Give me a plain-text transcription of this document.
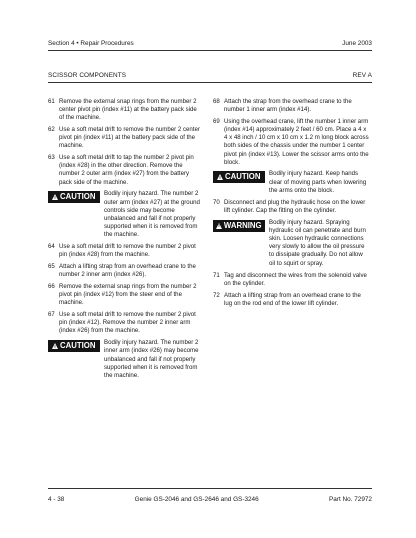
Section 4 • Repair Procedures	June 2003
SCISSOR COMPONENTS	REV A
61 Remove the external snap rings from the number 2 center pivot pin (index #11) at the battery pack side of the machine.
62 Use a soft metal drift to remove the number 2 center pivot pin (index #11) at the battery pack side of the machine.
63 Use a soft metal drift to tap the number 2 pivot pin (index #28) in the other direction. Remove the number 2 outer arm (index #27) from the battery pack side of the machine.
!
CAUTION Bodily injury hazard. The number 2 outer arm (index #27) at the ground controls side may become unbalanced and fall if not properly supported when it is removed from the machine.
64 Use a soft metal drift to remove the number 2 pivot pin (index #28) from the machine.
65 Attach a lifting strap from an overhead crane to the number 2 inner arm (index #26).
66 Remove the external snap rings from the number 2 pivot pin (index #12) from the steer end of the machine.
67 Use a soft metal drift to remove the number 2 pivot pin (index #12). Remove the number 2 inner arm (index #26) from the machine.
!
CAUTION Bodily injury hazard. The number 2 inner arm (index #26) may become unbalanced and fall if not properly supported when it is removed from the machine.
68 Attach the strap from the overhead crane to the number 1 inner arm (index #14).
69 Using the overhead crane, lift the number 1 inner arm (index #14) approximately 2 feet / 60 cm. Place a 4 x 4 x 48 inch / 10 cm x 10 cm x 1.2 m long block across both sides of the chassis under the number 1 center pivot pin (index #13). Lower the scissor arms onto the block.
!
CAUTION Bodily injury hazard. Keep hands clear of moving parts when lowering the arms onto the block.
70 Disconnect and plug the hydraulic hose on the lower lift cylinder. Cap the fitting on the cylinder.
!
WARNING Bodily injury hazard. Spraying hydraulic oil can penetrate and burn skin. Loosen hydraulic connections very slowly to allow the oil pressure to dissipate gradually. Do not allow oil to squirt or spray.
71 Tag and disconnect the wires from the solenoid valve on the cylinder.
72 Attach a lifting strap from an overhead crane to the lug on the rod end of the lower lift cylinder.
4 - 38	Genie GS-2046 and GS-2646 and GS-3246	Part No. 72972
